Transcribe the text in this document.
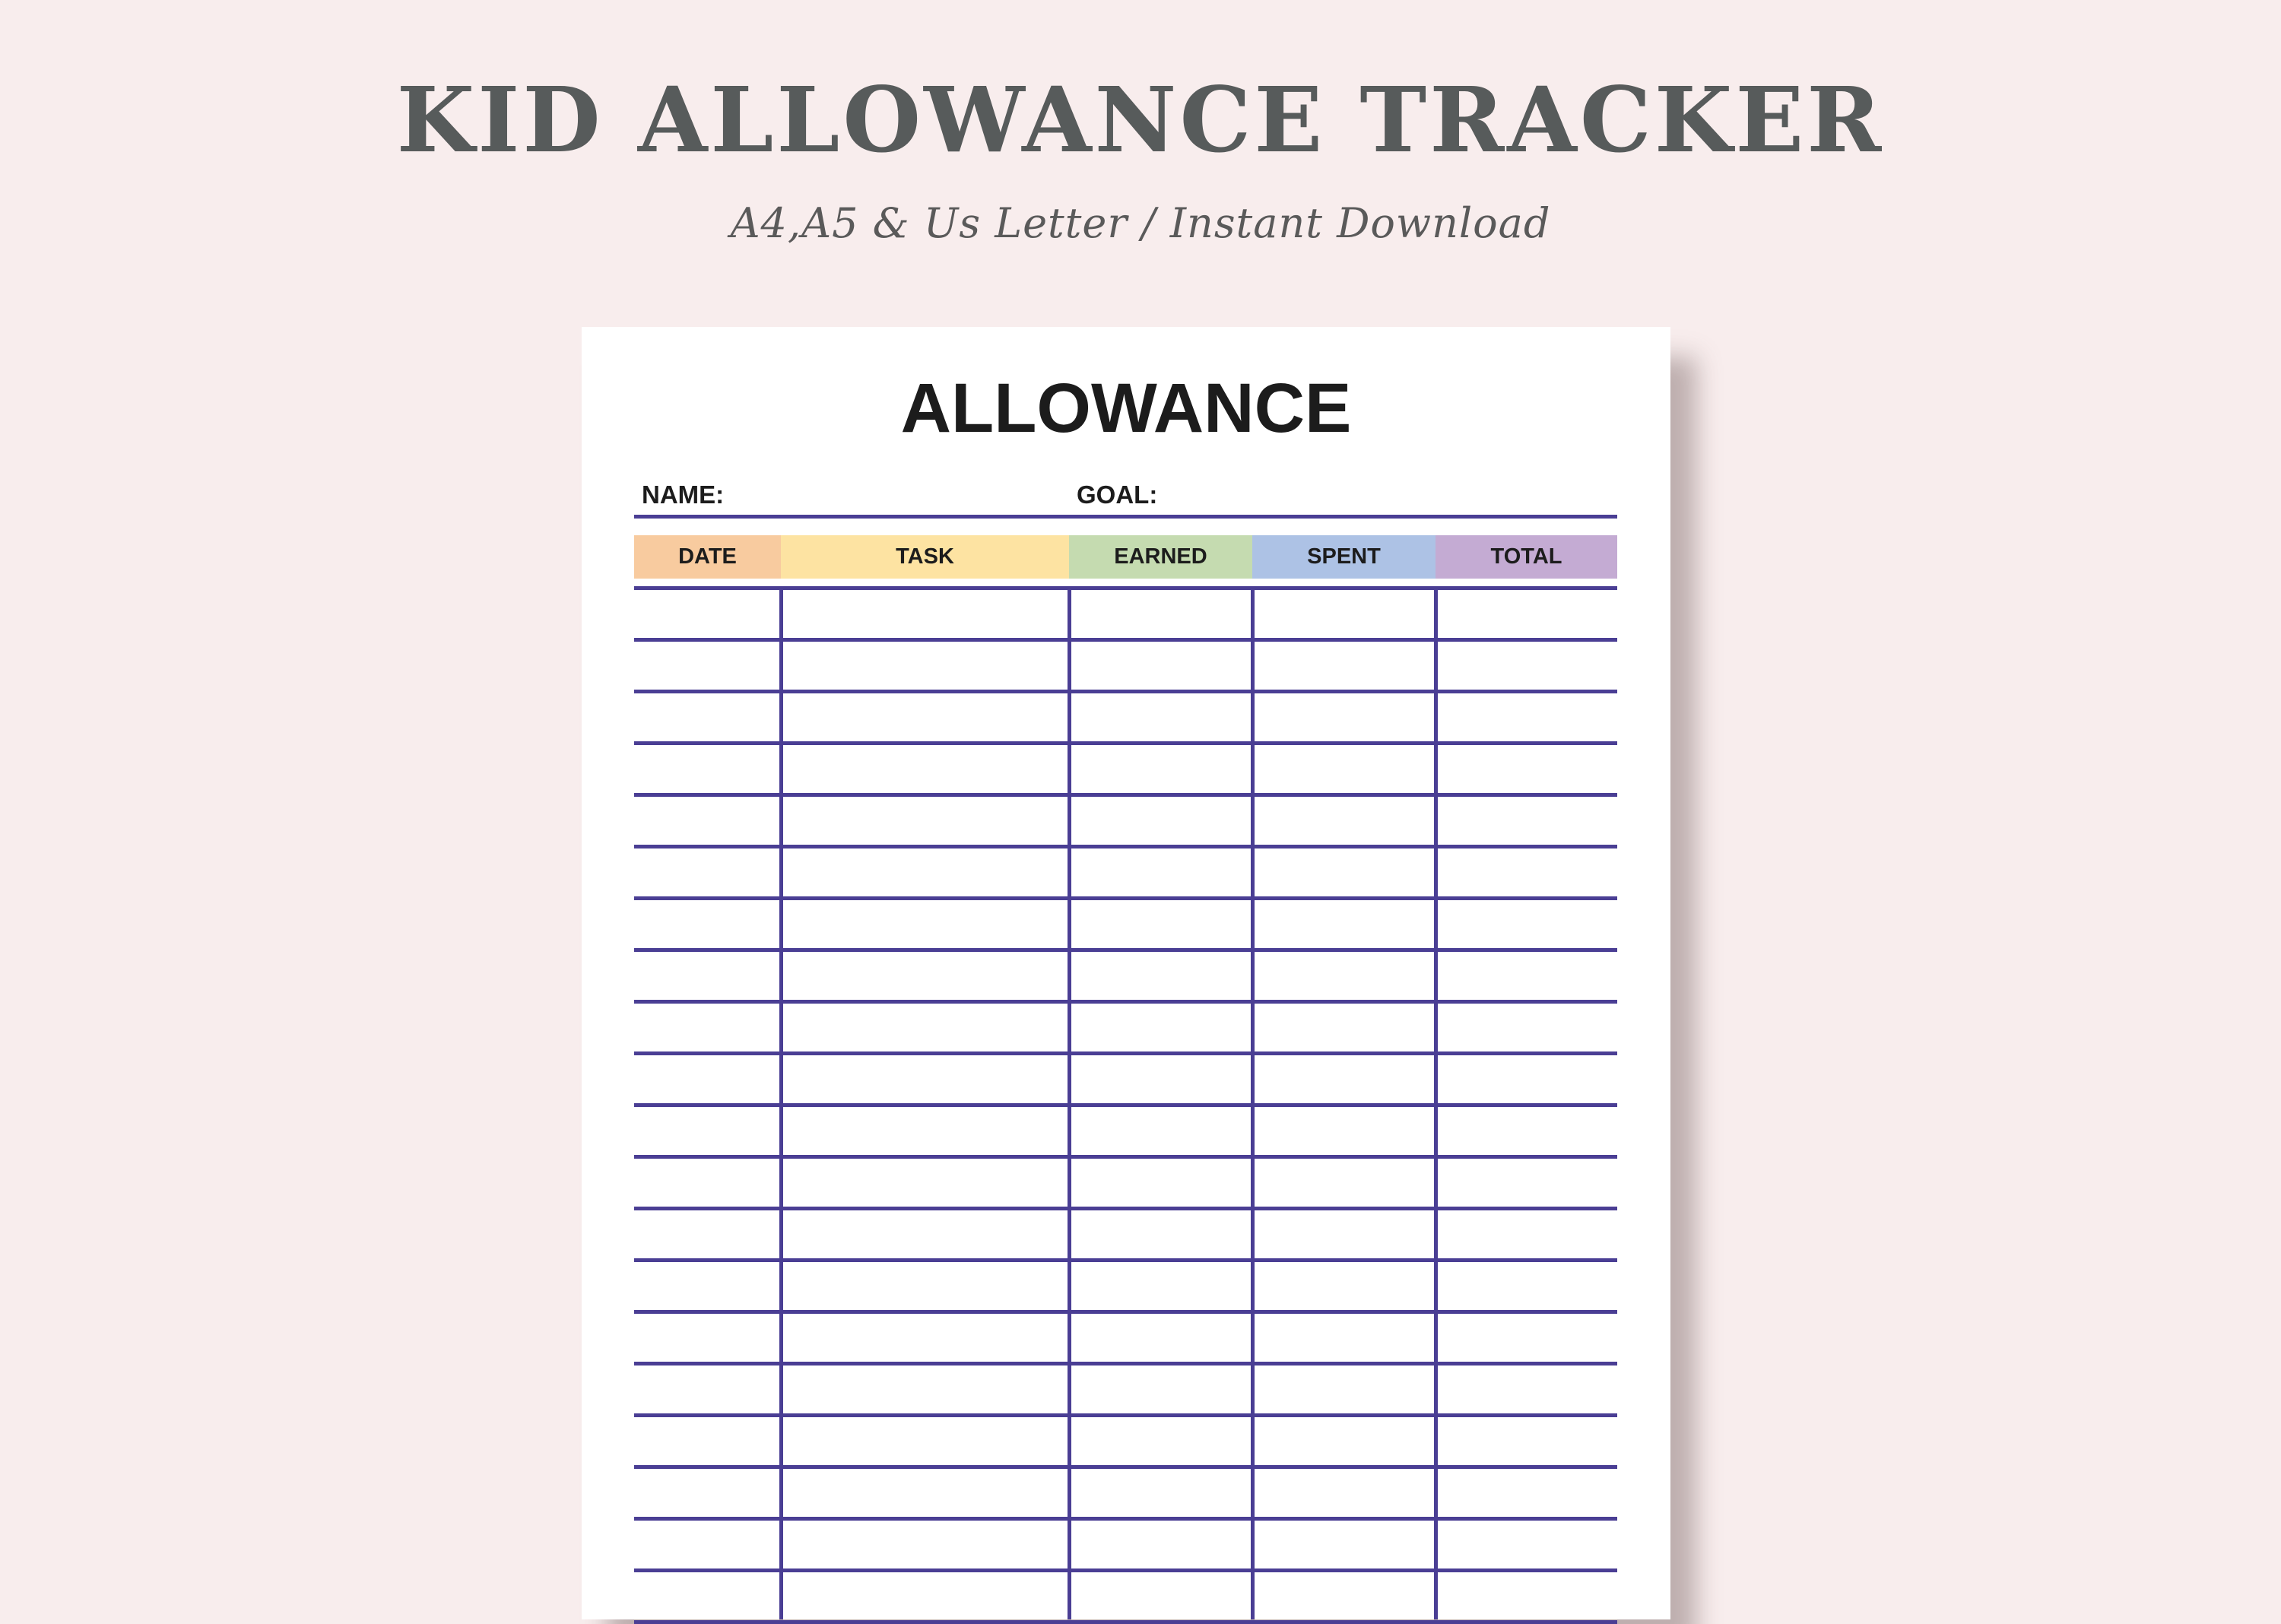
KID ALLOWANCE TRACKER
A4,A5 & Us Letter / Instant Download
ALLOWANCE
NAME:	GOAL:
DATE	TASK	EARNED	SPENT	TOTAL
